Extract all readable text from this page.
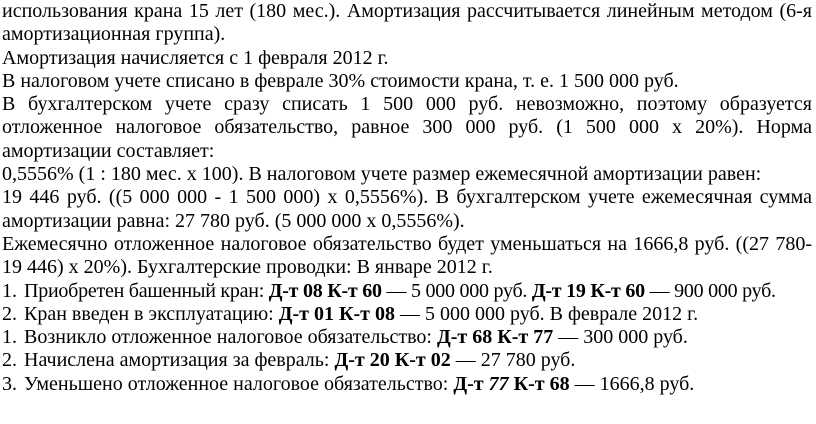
использования крана 15 лет (180 мес.). Амортизация рассчитывается линейным методом (6-я
амортизационная группа).
Амортизация начисляется с 1 февраля 2012 г.
В налоговом учете списано в феврале 30% стоимости крана, т. е. 1 500 000 руб.
В бухгалтерском учете сразу списать 1 500 000 руб. невозможно, поэтому образуется
отложенное налоговое обязательство, равное 300 000 руб. (1 500 000 х 20%). Норма
амортизации составляет:
0,5556% (1 : 180 мес. х 100). В налоговом учете размер ежемесячной амортизации равен:
19 446 руб. ((5 000 000 - 1 500 000) х 0,5556%). В бухгалтерском учете ежемесячная сумма
амортизации равна: 27 780 руб. (5 000 000 х 0,5556%).
Ежемесячно отложенное налоговое обязательство будет уменьшаться на 1666,8 руб. ((27 780-
19 446) х 20%). Бухгалтерские проводки: В январе 2012 г.
1. Приобретен башенный кран: Д-т 08 К-т 60 — 5 000 000 руб. Д-т 19 К-т 60 — 900 000 руб.
2. Кран введен в эксплуатацию: Д-т 01 К-т 08 — 5 000 000 руб. В феврале 2012 г.
1. Возникло отложенное налоговое обязательство: Д-т 68 К-т 77 — 300 000 руб.
2. Начислена амортизация за февраль: Д-т 20 К-т 02 — 27 780 руб.
3. Уменьшено отложенное налоговое обязательство: Д-т 77 К-т 68 — 1666,8 руб.
